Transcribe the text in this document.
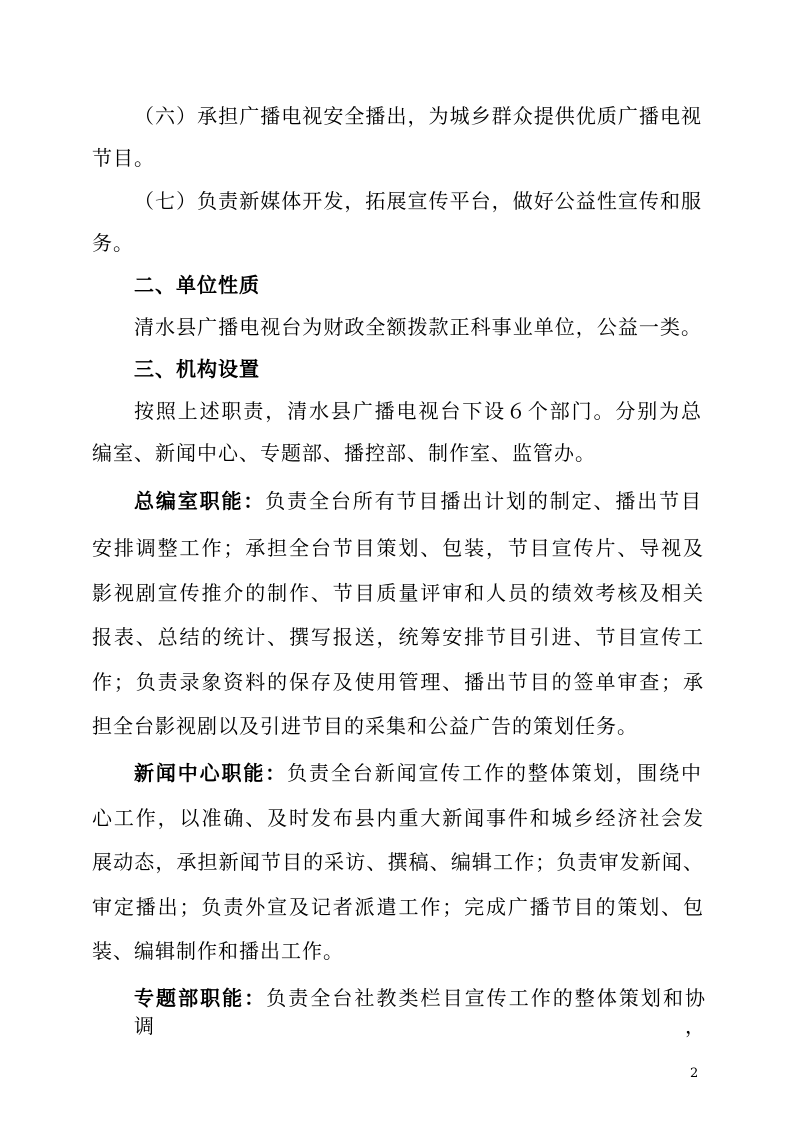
（六）承担广播电视安全播出，为城乡群众提供优质广播电视
节目。
（七）负责新媒体开发，拓展宣传平台，做好公益性宣传和服
务。
二、单位性质
清水县广播电视台为财政全额拨款正科事业单位，公益一类。
三、机构设置
按照上述职责，清水县广播电视台下设６个部门。分别为总
编室、新闻中心、专题部、播控部、制作室、监管办。
总编室职能：负责全台所有节目播出计划的制定、播出节目
安排调整工作；承担全台节目策划、包装，节目宣传片、导视及
影视剧宣传推介的制作、节目质量评审和人员的绩效考核及相关
报表、总结的统计、撰写报送，统筹安排节目引进、节目宣传工
作；负责录象资料的保存及使用管理、播出节目的签单审查；承
担全台影视剧以及引进节目的采集和公益广告的策划任务。
新闻中心职能：负责全台新闻宣传工作的整体策划，围绕中
心工作，以准确、及时发布县内重大新闻事件和城乡经济社会发
展动态，承担新闻节目的采访、撰稿、编辑工作；负责审发新闻、
审定播出；负责外宣及记者派遣工作；完成广播节目的策划、包
装、编辑制作和播出工作。
专题部职能：负责全台社教类栏目宣传工作的整体策划和协调，
2
